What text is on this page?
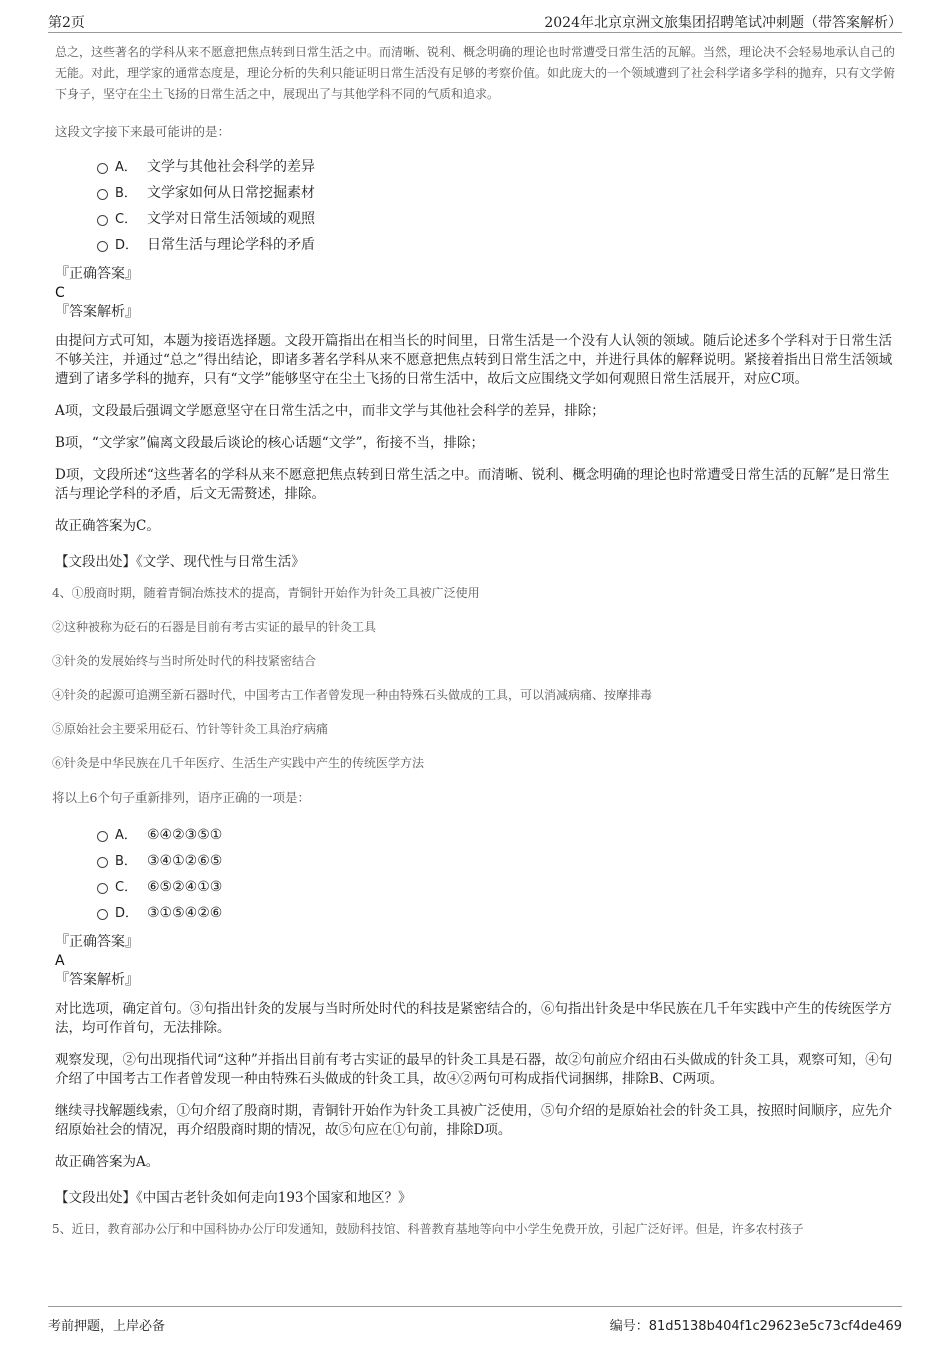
第2页	2024年北京京洲文旅集团招聘笔试冲刺题（带答案解析）

总之，这些著名的学科从来不愿意把焦点转到日常生活之中。而清晰、锐利、概念明确的理论也时常遭受日常生活的瓦解。当然，理论决不会轻易地承认自己的无能。对此，理学家的通常态度是，理论分析的失利只能证明日常生活没有足够的考察价值。如此庞大的一个领域遭到了社会科学诸多学科的抛弃，只有文学俯下身子，坚守在尘土飞扬的日常生活之中，展现出了与其他学科不同的气质和追求。

这段文字接下来最可能讲的是：

A． 文学与其他社会科学的差异
B． 文学家如何从日常挖掘素材
C． 文学对日常生活领域的观照
D． 日常生活与理论学科的矛盾
『正确答案』
C
『答案解析』

由提问方式可知，本题为接语选择题。文段开篇指出在相当长的时间里，日常生活是一个没有人认领的领域。随后论述多个学科对于日常生活不够关注，并通过“总之”得出结论，即诸多著名学科从来不愿意把焦点转到日常生活之中，并进行具体的解释说明。紧接着指出日常生活领域遭到了诸多学科的抛弃，只有“文学”能够坚守在尘土飞扬的日常生活中，故后文应围绕文学如何观照日常生活展开，对应C项。

A项，文段最后强调文学愿意坚守在日常生活之中，而非文学与其他社会科学的差异，排除；

B项，“文学家”偏离文段最后谈论的核心话题“文学”，衔接不当，排除；

D项，文段所述“这些著名的学科从来不愿意把焦点转到日常生活之中。而清晰、锐利、概念明确的理论也时常遭受日常生活的瓦解”是日常生活与理论学科的矛盾，后文无需赘述，排除。

故正确答案为C。

【文段出处】《文学、现代性与日常生活》

4、①殷商时期，随着青铜冶炼技术的提高，青铜针开始作为针灸工具被广泛使用

②这种被称为砭石的石器是目前有考古实证的最早的针灸工具

③针灸的发展始终与当时所处时代的科技紧密结合

④针灸的起源可追溯至新石器时代，中国考古工作者曾发现一种由特殊石头做成的工具，可以消减病痛、按摩排毒

⑤原始社会主要采用砭石、竹针等针灸工具治疗病痛

⑥针灸是中华民族在几千年医疗、生活生产实践中产生的传统医学方法

将以上6个句子重新排列，语序正确的一项是：

A． ⑥④②③⑤①
B． ③④①②⑥⑤
C． ⑥⑤②④①③
D． ③①⑤④②⑥
『正确答案』
A
『答案解析』

对比选项，确定首句。③句指出针灸的发展与当时所处时代的科技是紧密结合的，⑥句指出针灸是中华民族在几千年实践中产生的传统医学方法，均可作首句，无法排除。

观察发现，②句出现指代词“这种”并指出目前有考古实证的最早的针灸工具是石器，故②句前应介绍由石头做成的针灸工具，观察可知，④句介绍了中国考古工作者曾发现一种由特殊石头做成的针灸工具，故④②两句可构成指代词捆绑，排除B、C两项。

继续寻找解题线索，①句介绍了殷商时期，青铜针开始作为针灸工具被广泛使用，⑤句介绍的是原始社会的针灸工具，按照时间顺序，应先介绍原始社会的情况，再介绍殷商时期的情况，故⑤句应在①句前，排除D项。

故正确答案为A。

【文段出处】《中国古老针灸如何走向193个国家和地区？》

5、近日，教育部办公厅和中国科协办公厅印发通知，鼓励科技馆、科普教育基地等向中小学生免费开放，引起广泛好评。但是，许多农村孩子

考前押题，上岸必备	编号：81d5138b404f1c29623e5c73cf4de469
